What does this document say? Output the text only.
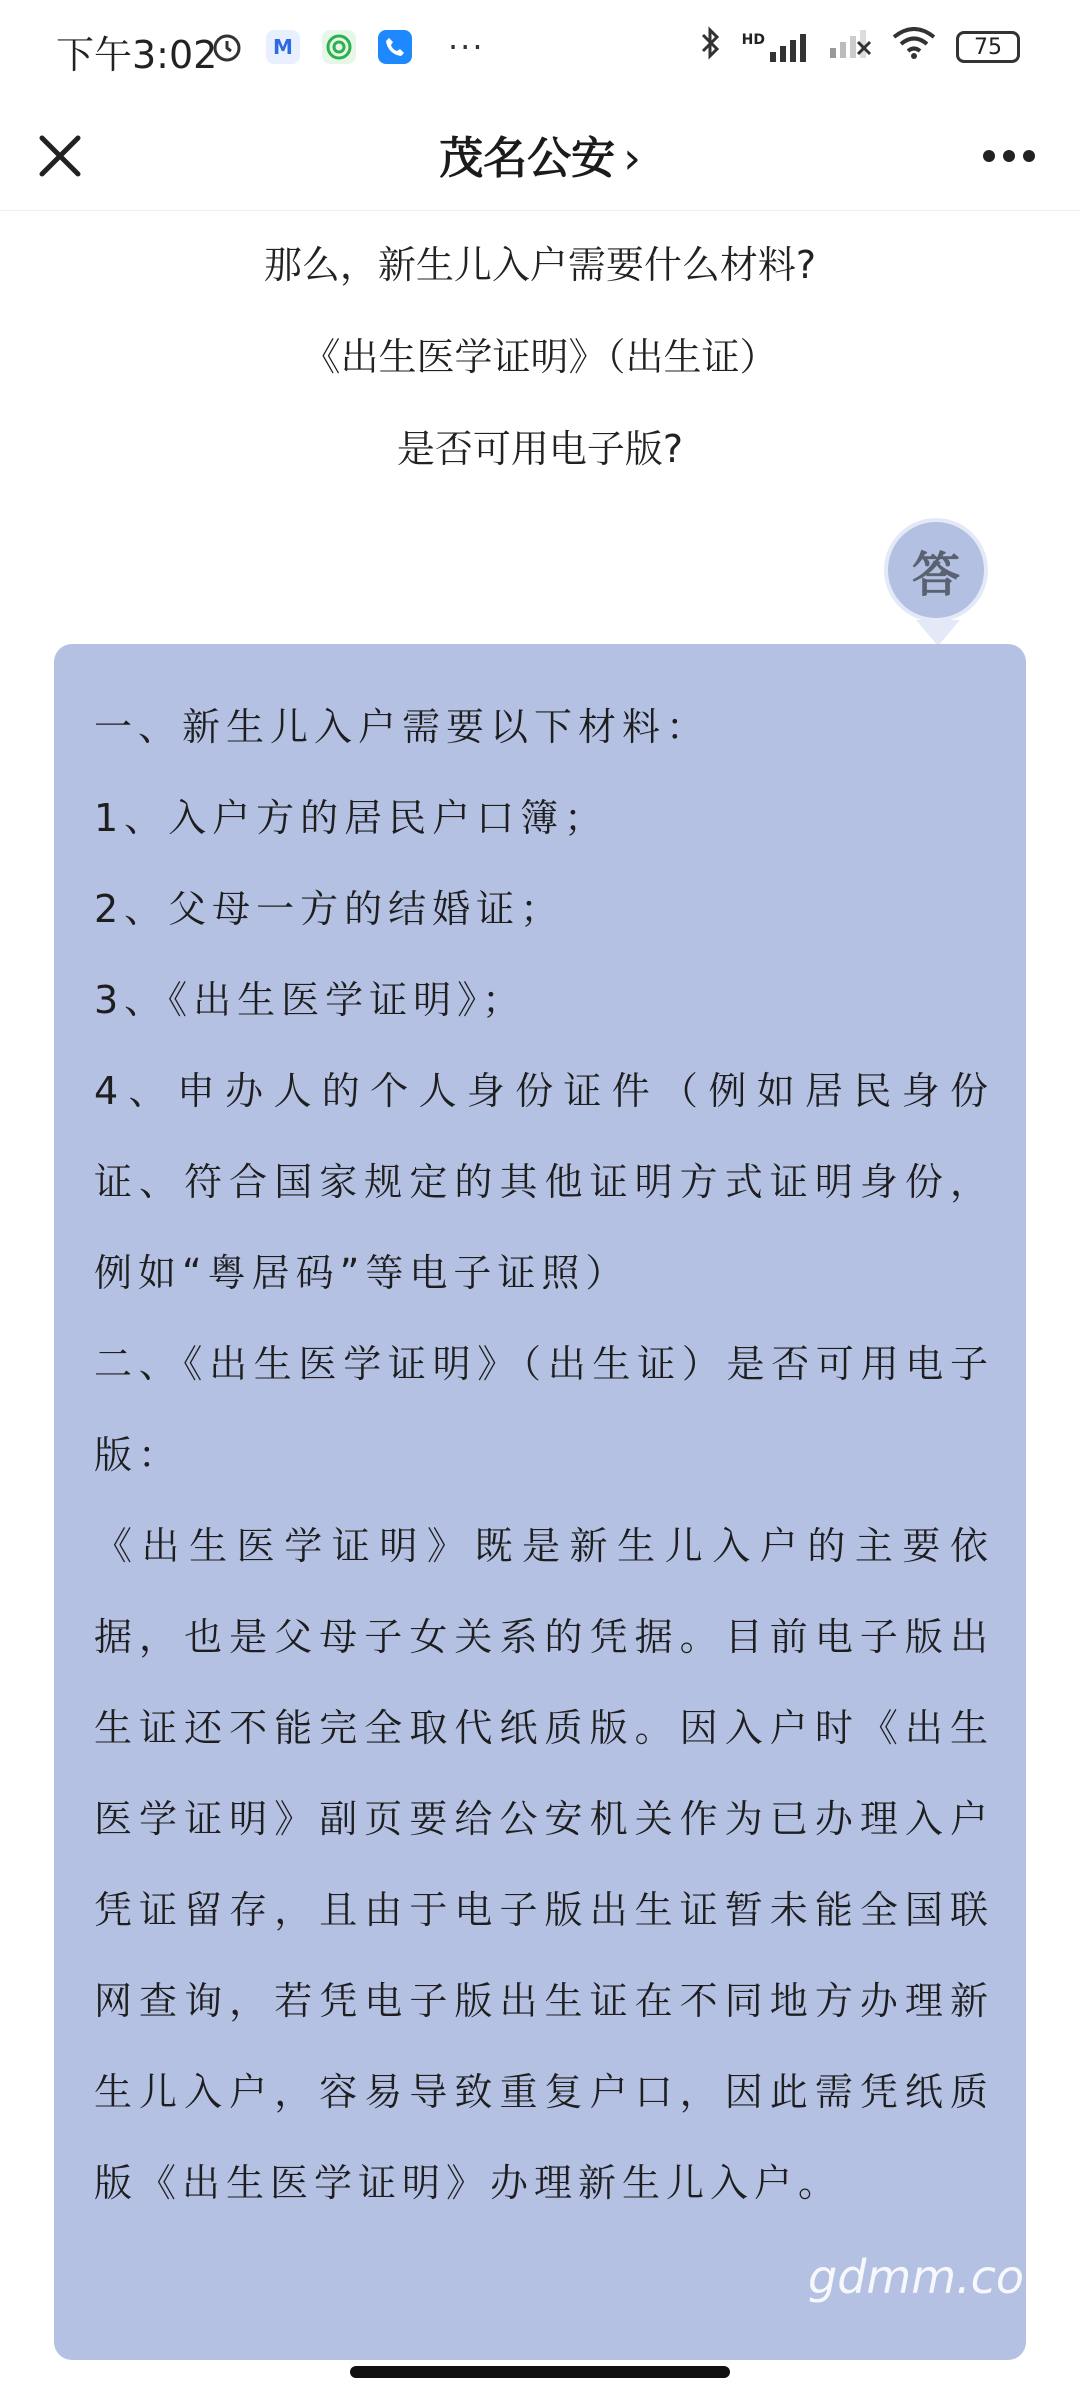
下午3:02	M	···	HD	75
茂名公安 ›
那么，新生儿入户需要什么材料?
《出生医学证明》（出生证）
是否可用电子版?
答

一、新生儿入户需要以下材料：

1、入户方的居民户口簿；

2、父母一方的结婚证；

3、《出生医学证明》；

4、申办人的个人身份证件（例如居民身份证、符合国家规定的其他证明方式证明身份，例如“粤居码”等电子证照）

二、《出生医学证明》（出生证）是否可用电子版：

《出生医学证明》既是新生儿入户的主要依据，也是父母子女关系的凭据。目前电子版出生证还不能完全取代纸质版。因入户时《出生医学证明》副页要给公安机关作为已办理入户凭证留存，且由于电子版出生证暂未能全国联网查询，若凭电子版出生证在不同地方办理新生儿入户，容易导致重复户口，因此需凭纸质版《出生医学证明》办理新生儿入户。

gdmm.com
